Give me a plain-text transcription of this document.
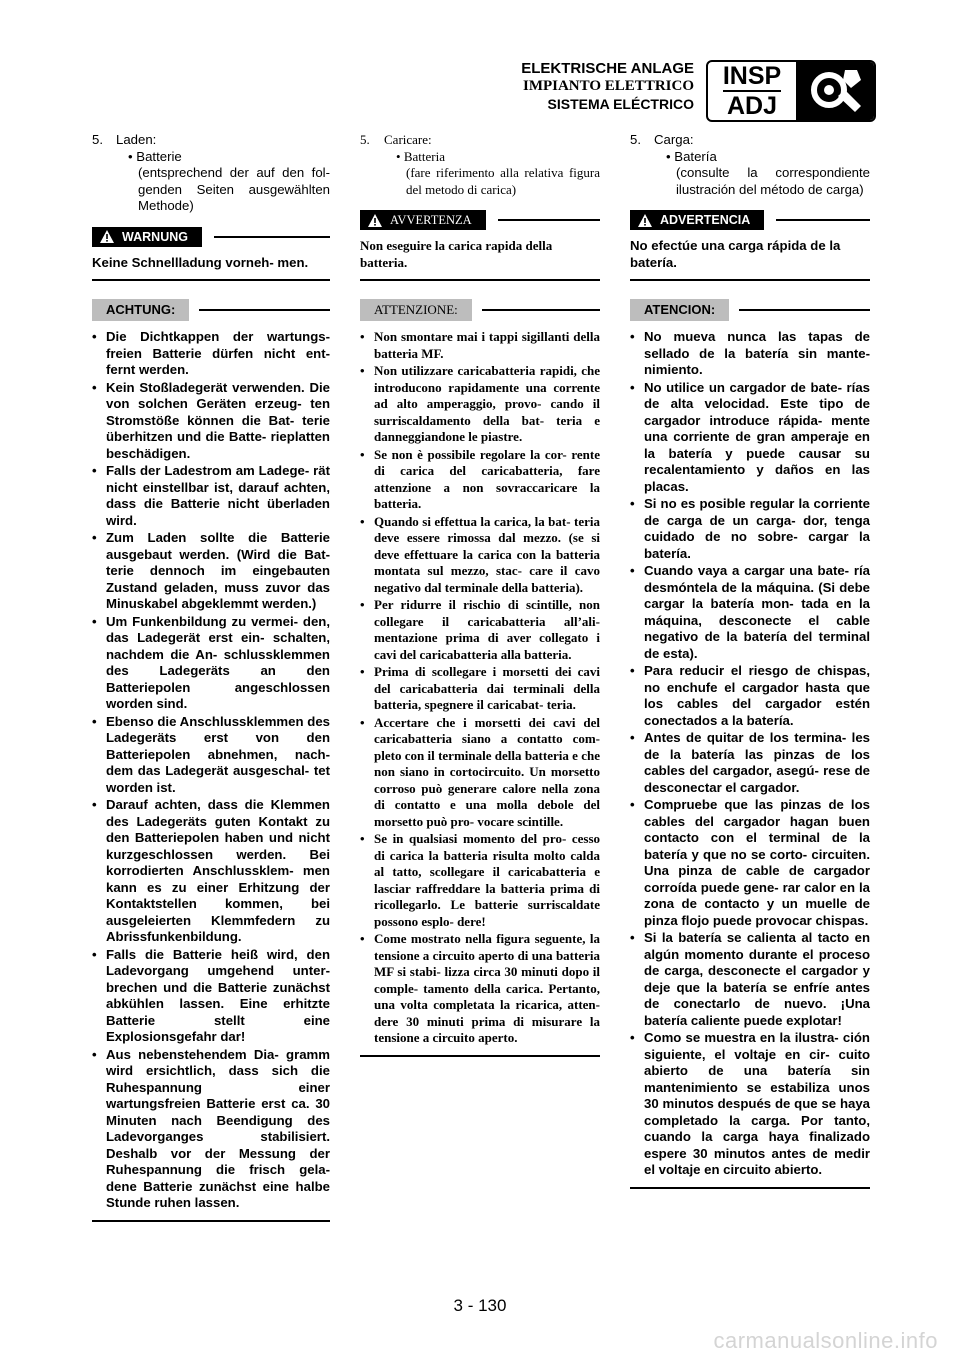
ELEKTRISCHE ANLAGE
IMPIANTO ELETTRICO
SISTEMA ELÉCTRICO
INSP
ADJ
5. Laden:
• Batterie
(entsprechend der auf den fol- genden Seiten ausgewählten Methode)
WARNUNG
Keine Schnellladung vorneh- men.
ACHTUNG:
• Die Dichtkappen der wartungs- freien Batterie dürfen nicht ent- fernt werden.
• Kein Stoßladegerät verwenden. Die von solchen Geräten erzeug- ten Stromstöße können die Bat- terie überhitzen und die Batte- rieplatten beschädigen.
• Falls der Ladestrom am Ladege- rät nicht einstellbar ist, darauf achten, dass die Batterie nicht überladen wird.
• Zum Laden sollte die Batterie ausgebaut werden. (Wird die Bat- terie dennoch im eingebauten Zustand geladen, muss zuvor das Minuskabel abgeklemmt werden.)
• Um Funkenbildung zu vermei- den, das Ladegerät erst ein- schalten, nachdem die An- schlussklemmen des Ladegeräts an den Batteriepolen angeschlossen worden sind.
• Ebenso die Anschlussklemmen des Ladegeräts erst von den Batteriepolen abnehmen, nach- dem das Ladegerät ausgeschal- tet worden ist.
• Darauf achten, dass die Klemmen des Ladegeräts guten Kontakt zu den Batteriepolen haben und nicht kurzgeschlossen werden. Bei korrodierten Anschlussklem- men kann es zu einer Erhitzung der Kontaktstellen kommen, bei ausgeleierten Klemmfedern zu Abrissfunkenbildung.
• Falls die Batterie heiß wird, den Ladevorgang umgehend unter- brechen und die Batterie zunächst abkühlen lassen. Eine erhitzte Batterie stellt eine Explosionsgefahr dar!
• Aus nebenstehendem Dia- gramm wird ersichtlich, dass sich die Ruhespannung einer wartungsfreien Batterie erst ca. 30 Minuten nach Beendigung des Ladevorganges stabilisiert. Deshalb vor der Messung der Ruhespannung die frisch gela- dene Batterie zunächst eine halbe Stunde ruhen lassen.
5. Caricare:
• Batteria
(fare riferimento alla relativa figura del metodo di carica)
AVVERTENZA
Non eseguire la carica rapida della batteria.
ATTENZIONE:
• Non smontare mai i tappi sigillanti della batteria MF.
• Non utilizzare caricabatteria rapidi, che introducono rapidamente una corrente ad alto amperaggio, provo- cando il surriscaldamento della bat- teria e danneggiandone le piastre.
• Se non è possibile regolare la cor- rente di carica del caricabatteria, fare attenzione a non sovraccaricare la batteria.
• Quando si effettua la carica, la bat- teria deve essere rimossa dal mezzo. (se si deve effettuare la carica con la batteria montata sul mezzo, stac- care il cavo negativo dal terminale della batteria).
• Per ridurre il rischio di scintille, non collegare il caricabatteria all’ali- mentazione prima di aver collegato i cavi del caricabatteria alla batteria.
• Prima di scollegare i morsetti dei cavi del caricabatteria dai terminali della batteria, spegnere il caricabat- teria.
• Accertare che i morsetti dei cavi del caricabatteria siano a contatto com- pleto con il terminale della batteria e che non siano in cortocircuito. Un morsetto corroso può generare calore nella zona di contatto e una molla debole del morsetto può pro- vocare scintille.
• Se in qualsiasi momento del pro- cesso di carica la batteria risulta molto calda al tatto, scollegare il caricabatteria e lasciar raffreddare la batteria prima di ricollegarlo. Le batterie surriscaldate possono esplo- dere!
• Come mostrato nella figura seguente, la tensione a circuito aperto di una batteria MF si stabi- lizza circa 30 minuti dopo il comple- tamento della carica. Pertanto, una volta completata la ricarica, atten- dere 30 minuti prima di misurare la tensione a circuito aperto.
5. Carga:
• Batería
(consulte la correspondiente ilustración del método de carga)
ADVERTENCIA
No efectúe una carga rápida de la batería.
ATENCION:
• No mueva nunca las tapas de sellado de la batería sin mante- nimiento.
• No utilice un cargador de bate- rías de alta velocidad. Este tipo de cargador introduce rápida- mente una corriente de gran amperaje en la batería y puede causar su recalentamiento y daños en las placas.
• Si no es posible regular la corriente de carga de un carga- dor, tenga cuidado de no sobre- cargar la batería.
• Cuando vaya a cargar una bate- ría desmóntela de la máquina. (Si debe cargar la batería mon- tada en la máquina, desconecte el cable negativo de la batería del terminal de esta).
• Para reducir el riesgo de chispas, no enchufe el cargador hasta que los cables del cargador estén conectados a la batería.
• Antes de quitar de los termina- les de la batería las pinzas de los cables del cargador, asegú- rese de desconectar el cargador.
• Compruebe que las pinzas de los cables del cargador hagan buen contacto con el terminal de la batería y que no se corto- circuiten. Una pinza de cable de cargador corroída puede gene- rar calor en la zona de contacto y un muelle de pinza flojo puede provocar chispas.
• Si la batería se calienta al tacto en algún momento durante el proceso de carga, desconecte el cargador y deje que la batería se enfríe antes de conectarlo de nuevo. ¡Una batería caliente puede explotar!
• Como se muestra en la ilustra- ción siguiente, el voltaje en cir- cuito abierto de una batería sin mantenimiento se estabiliza unos 30 minutos después de que se haya completado la carga. Por tanto, cuando la carga haya finalizado espere 30 minutos antes de medir el voltaje en circuito abierto.
3 - 130
carmanualsonline.info
